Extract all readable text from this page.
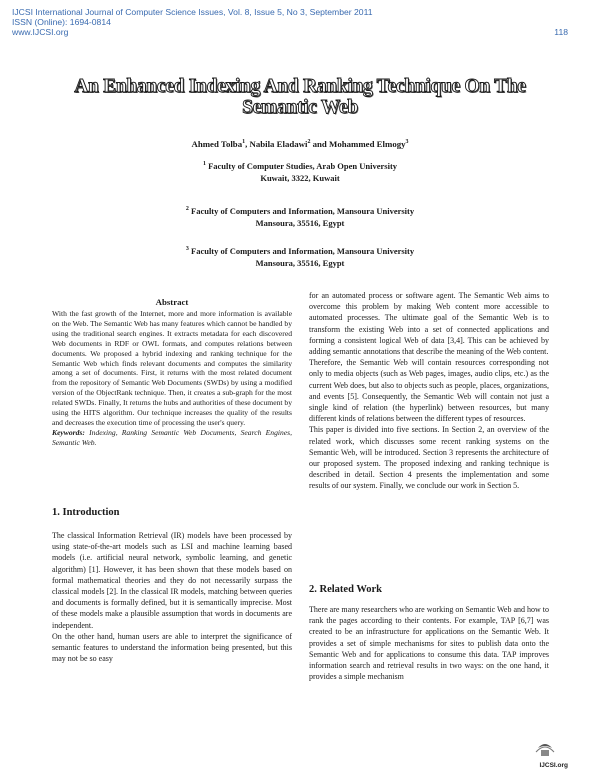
IJCSI International Journal of Computer Science Issues, Vol. 8, Issue 5, No 3, September 2011
ISSN (Online): 1694-0814
www.IJCSI.org	118
An Enhanced Indexing And Ranking Technique On The
Semantic Web
Ahmed Tolba$^1$, Nabila Eladawi$^2$ and Mohammed Elmogy$^3$
$^1$ Faculty of Computer Studies, Arab Open University
Kuwait, 3322, Kuwait
$^2$ Faculty of Computers and Information, Mansoura University
Mansoura, 35516, Egypt
$^3$ Faculty of Computers and Information, Mansoura University
Mansoura, 35516, Egypt
Abstract
With the fast growth of the Internet, more and more information is available on the Web. The Semantic Web has many features which cannot be handled by using the traditional search engines. It extracts metadata for each discovered Web documents in RDF or OWL formats, and computes relations between documents. We proposed a hybrid indexing and ranking technique for the Semantic Web which finds relevant documents and computes the similarity among a set of documents. First, it returns with the most related document from the repository of Semantic Web Documents (SWDs) by using a modified version of the ObjectRank technique. Then, it creates a sub-graph for the most related SWDs. Finally, It returns the hubs and authorities of these document by using the HITS algorithm. Our technique increases the quality of the results and decreases the execution time of processing the user's query.
Keywords: Indexing, Ranking Semantic Web Documents, Search Engines, Semantic Web.
1. Introduction

The classical Information Retrieval (IR) models have been processed by using state-of-the-art models such as LSI and machine learning based models (i.e. artificial neural network, symbolic learning, and genetic algorithm) [1]. However, it has been shown that these models based on formal mathematical theories and they do not necessarily surpass the classical models [2]. In the classical IR models, matching between queries and documents is formally defined, but it is semantically imprecise. Most of these models make a plausible assumption that words in documents are independent.

On the other hand, human users are able to interpret the significance of semantic features to understand the information being presented, but this may not be so easy

for an automated process or software agent. The Semantic Web aims to overcome this problem by making Web content more accessible to automated processes. The ultimate goal of the Semantic Web is to transform the existing Web into a set of connected applications and forming a consistent logical Web of data [3,4]. This can be achieved by adding semantic annotations that describe the meaning of the Web content.

Therefore, the Semantic Web will contain resources corresponding not only to media objects (such as Web pages, images, audio clips, etc.) as the current Web does, but also to objects such as people, places, organizations, and events [5]. Consequently, the Semantic Web will contain not just a single kind of relation (the hyperlink) between resources, but many different kinds of relations between the different types of resources.

This paper is divided into five sections. In Section 2, an overview of the related work, which discusses some recent ranking systems on the Semantic Web, will be introduced. Section 3 represents the architecture of our proposed system. The proposed indexing and ranking technique is described in detail. Section 4 presents the implementation and some results of our system. Finally, we conclude our work in Section 5.

2. Related Work

There are many researchers who are working on Semantic Web and how to rank the pages according to their contents. For example, TAP [6,7] was created to be an infrastructure for applications on the Semantic Web. It provides a set of simple mechanisms for sites to publish data onto the Semantic Web and for applications to consume this data. TAP improves information search and retrieval results in two ways: on the one hand, it provides a simple mechanism

IJCSI.org
